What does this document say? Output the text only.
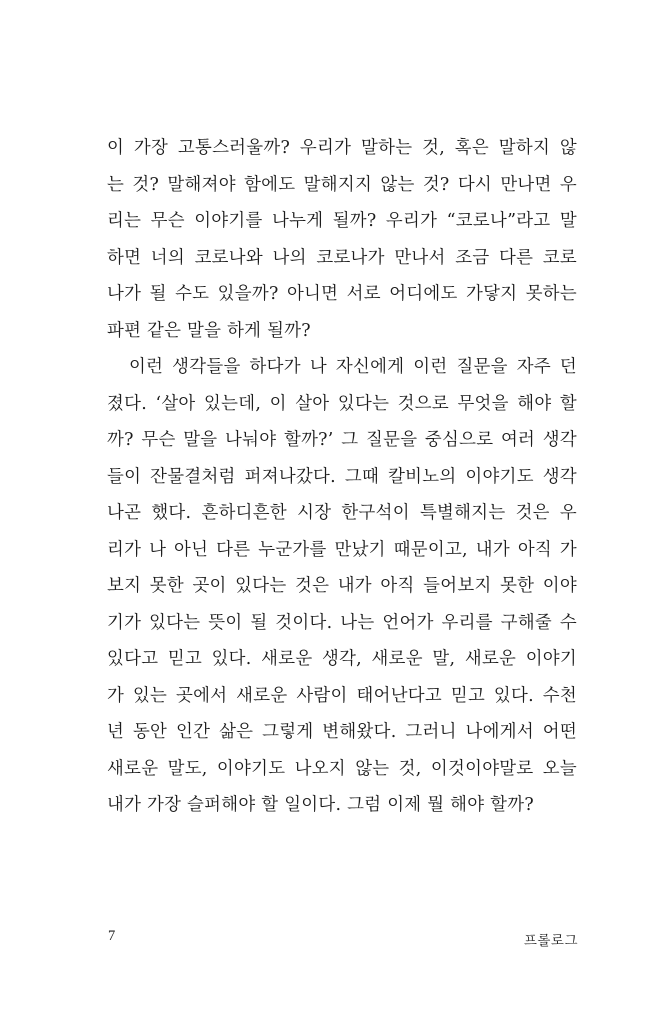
이 가장 고통스러울까? 우리가 말하는 것, 혹은 말하지 않
는 것? 말해져야 함에도 말해지지 않는 것? 다시 만나면 우
리는 무슨 이야기를 나누게 될까? 우리가 “코로나”라고 말
하면 너의 코로나와 나의 코로나가 만나서 조금 다른 코로
나가 될 수도 있을까? 아니면 서로 어디에도 가닿지 못하는
파편 같은 말을 하게 될까?
이런 생각들을 하다가 나 자신에게 이런 질문을 자주 던
졌다. ‘살아 있는데, 이 살아 있다는 것으로 무엇을 해야 할
까? 무슨 말을 나눠야 할까?’ 그 질문을 중심으로 여러 생각
들이 잔물결처럼 퍼져나갔다. 그때 칼비노의 이야기도 생각
나곤 했다. 흔하디흔한 시장 한구석이 특별해지는 것은 우
리가 나 아닌 다른 누군가를 만났기 때문이고, 내가 아직 가
보지 못한 곳이 있다는 것은 내가 아직 들어보지 못한 이야
기가 있다는 뜻이 될 것이다. 나는 언어가 우리를 구해줄 수
있다고 믿고 있다. 새로운 생각, 새로운 말, 새로운 이야기
가 있는 곳에서 새로운 사람이 태어난다고 믿고 있다. 수천
년 동안 인간 삶은 그렇게 변해왔다. 그러니 나에게서 어떤
새로운 말도, 이야기도 나오지 않는 것, 이것이야말로 오늘
내가 가장 슬퍼해야 할 일이다. 그럼 이제 뭘 해야 할까?
7	프롤로그
